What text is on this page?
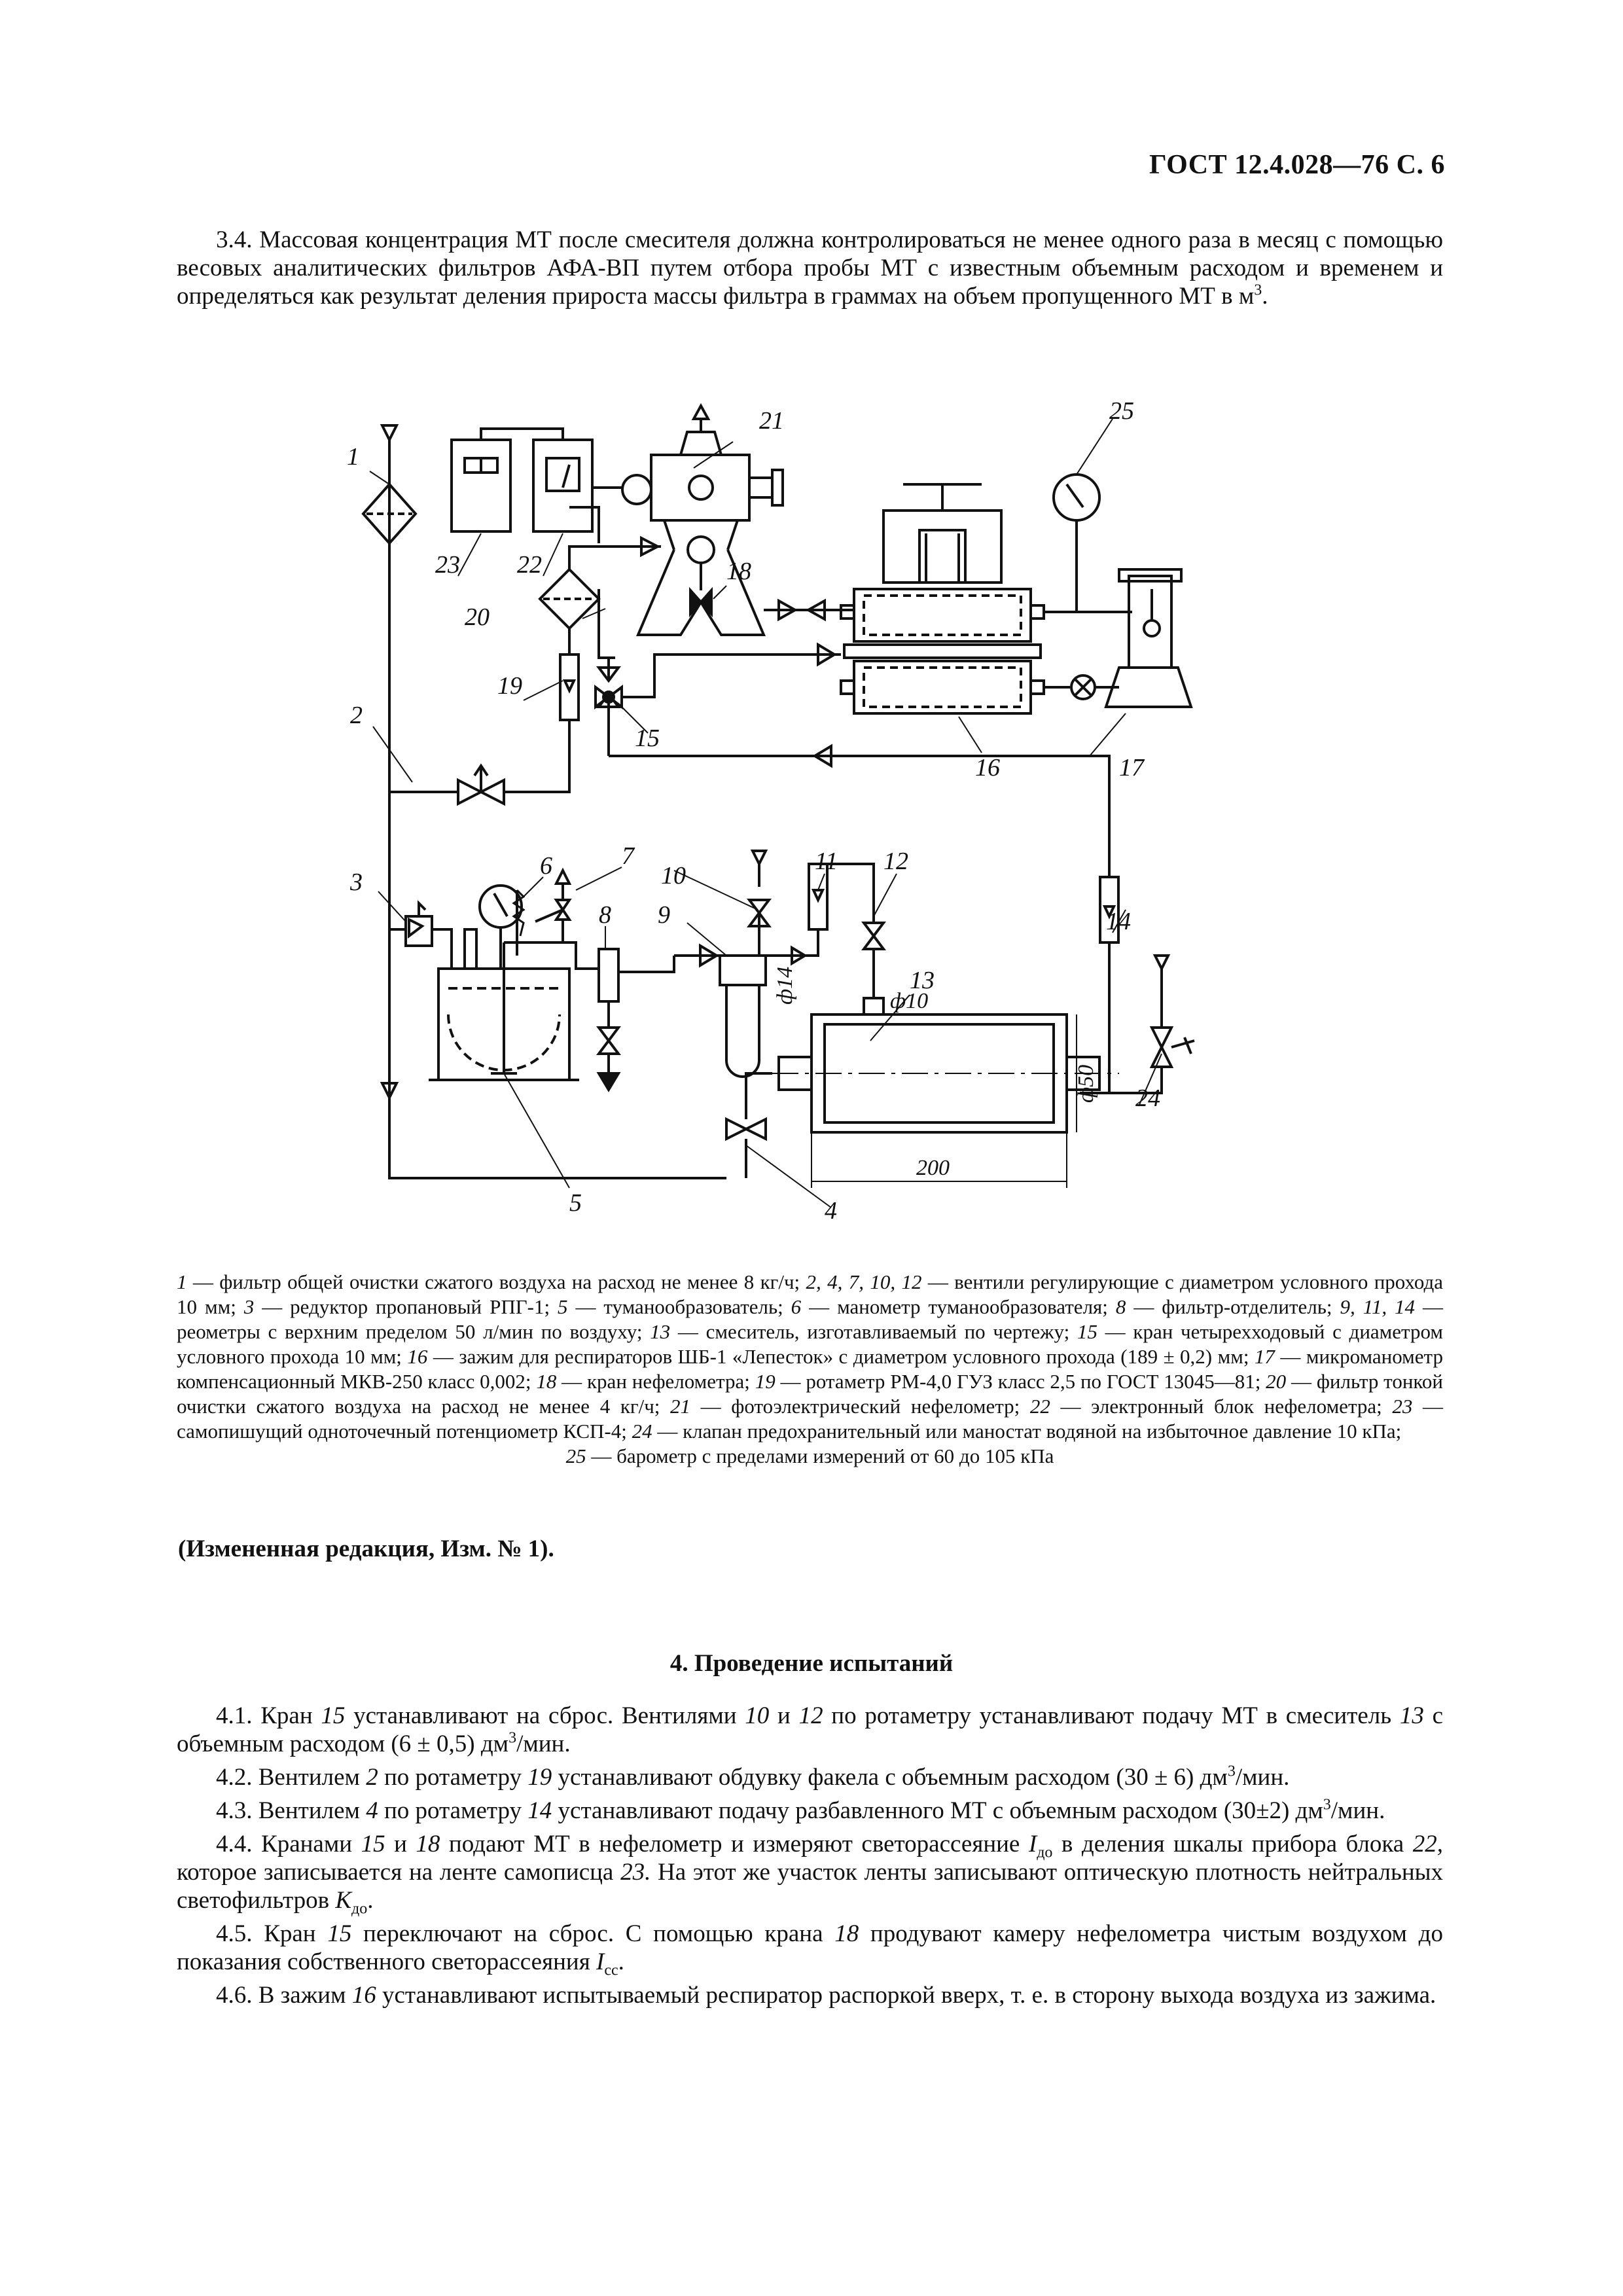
ГОСТ 12.4.028—76 С. 6
3.4. Массовая концентрация МТ после смесителя должна контролироваться не менее одного раза в месяц с помощью весовых аналитических фильтров АФА-ВП путем отбора пробы МТ с известным объемным расходом и временем и определяться как результат деления прироста массы фильтра в граммах на объем пропущенного МТ в $м^3$.
1
2
3
4
5
6	7
8 9
10
11 12
13
14
15
16	17
18
19
20
21
22
23
24
25
ф14	ф10
ф50
200
1 — фильтр общей очистки сжатого воздуха на расход не менее 8 кг/ч; 2, 4, 7, 10, 12 — вентили регулирующие с диаметром условного прохода 10 мм; 3 — редуктор пропановый РПГ-1; 5 — туманообразователь; 6 — манометр туманообразователя; 8 — фильтр-отделитель; 9, 11, 14 — реометры с верхним пределом 50 л/мин по воздуху; 13 — смеситель, изготавливаемый по чертежу; 15 — кран четырехходовый с диаметром условного прохода 10 мм; 16 — зажим для респираторов ШБ-1 «Лепесток» с диаметром условного прохода (189 ± 0,2) мм; 17 — микроманометр компенсационный МКВ-250 класс 0,002; 18 — кран нефелометра; 19 — ротаметр РМ-4,0 ГУЗ класс 2,5 по ГОСТ 13045—81; 20 — фильтр тонкой очистки сжатого воздуха на расход не менее 4 кг/ч; 21 — фотоэлектрический нефелометр; 22 — электронный блок нефелометра; 23 — самопишущий одноточечный потенциометр КСП-4; 24 — клапан предохранительный или маностат водяной на избыточное давление 10 кПа;
25 — барометр с пределами измерений от 60 до 105 кПа
(Измененная редакция, Изм. № 1).
4. Проведение испытаний

4.1. Кран 15 устанавливают на сброс. Вентилями 10 и 12 по ротаметру устанавливают подачу МТ в смеситель 13 с объемным расходом (6 ± 0,5) $дм^3$/мин.

4.2. Вентилем 2 по ротаметру 19 устанавливают обдувку факела с объемным расходом (30 ± 6) $дм^3$/мин.

4.3. Вентилем 4 по ротаметру 14 устанавливают подачу разбавленного МТ с объемным расходом (30±2) $дм^3$/мин.

4.4. Кранами 15 и 18 подают МТ в нефелометр и измеряют светорассеяние $I_{до}$ в деления шкалы прибора блока 22, которое записывается на ленте самописца 23. На этот же участок ленты записывают оптическую плотность нейтральных светофильтров $K_{до}$.

4.5. Кран 15 переключают на сброс. С помощью крана 18 продувают камеру нефелометра чистым воздухом до показания собственного светорассеяния $I_{сс}$.

4.6. В зажим 16 устанавливают испытываемый респиратор распоркой вверх, т. е. в сторону выхода воздуха из зажима.
